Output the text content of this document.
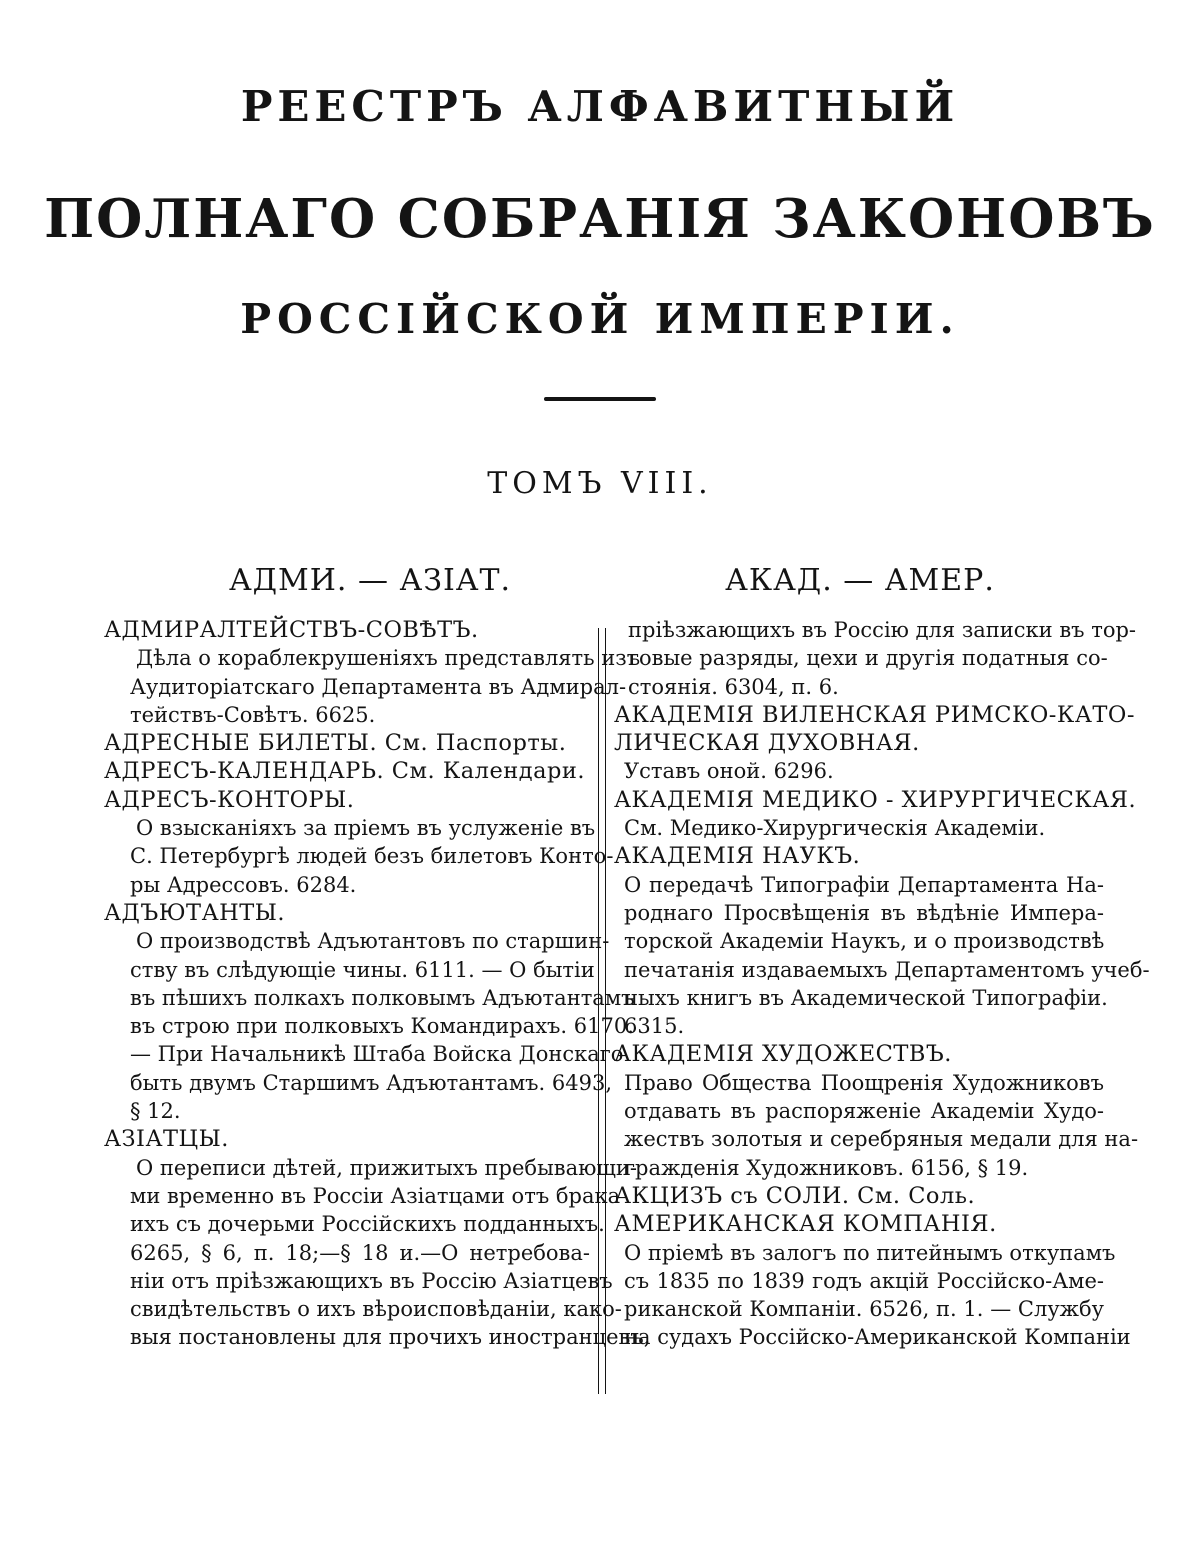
РЕЕСТРЪ АЛФАВИТНЫЙ
ПОЛНАГО СОБРАНІЯ ЗАКОНОВЪ
РОССІЙСКОЙ ИМПЕРІИ.
ТОМЪ VIII.
АДМИ. — АЗІАТ.	АКАД. — АМЕР.
АДМИРАЛТЕЙСТВЪ-СОВѢТЪ.
Дѣла о кораблекрушеніяхъ представлять изъ
Аудиторіатскаго Департамента въ Адмирал-
тействъ-Совѣтъ. 6625.
АДРЕСНЫЕ БИЛЕТЫ. См. Паспорты.
АДРЕСЪ-КАЛЕНДАРЬ. См. Календари.
АДРЕСЪ-КОНТОРЫ.
О взысканіяхъ за пріемъ въ услуженіе въ
С. Петербургѣ людей безъ билетовъ Конто-
ры Адрессовъ. 6284.
АДЪЮТАНТЫ.
О производствѣ Адъютантовъ по старшин-
ству въ слѣдующіе чины. 6111. — О бытіи
въ пѣшихъ полкахъ полковымъ Адъютантамъ
въ строю при полковыхъ Командирахъ. 6170.
— При Начальникѣ Штаба Войска Донскаго
быть двумъ Старшимъ Адъютантамъ. 6493,
§ 12.
АЗІАТЦЫ.
О переписи дѣтей, прижитыхъ пребывающи-
ми временно въ Россіи Азіатцами отъ брака
ихъ съ дочерьми Россійскихъ подданныхъ.
6265, § 6, п. 18;—§ 18 и.—О нетребова-
ніи отъ пріѣзжающихъ въ Россію Азіатцевъ
свидѣтельствъ о ихъ вѣроисповѣданіи, како-
выя постановлены для прочихъ иностранцевъ,
пріѣзжающихъ въ Россію для записки въ тор-
говые разряды, цехи и другія податныя со-
стоянія. 6304, п. 6.
АКАДЕМІЯ ВИЛЕНСКАЯ РИМСКО-КАТО-
ЛИЧЕСКАЯ ДУХОВНАЯ.
Уставъ оной. 6296.
АКАДЕМІЯ МЕДИКО - ХИРУРГИЧЕСКАЯ.
См. Медико-Хирургическія Академіи.
АКАДЕМІЯ НАУКЪ.
О передачѣ Типографіи Департамента На-
роднаго Просвѣщенія въ вѣдѣніе Импера-
торской Академіи Наукъ, и о производствѣ
печатанія издаваемыхъ Департаментомъ учеб-
ныхъ книгъ въ Академической Типографіи.
6315.
АКАДЕМІЯ ХУДОЖЕСТВЪ.
Право Общества Поощренія Художниковъ
отдавать въ распоряженіе Академіи Худо-
жествъ золотыя и серебряныя медали для на-
гражденія Художниковъ. 6156, § 19.
АКЦИЗЪ съ СОЛИ. См. Соль.
АМЕРИКАНСКАЯ КОМПАНІЯ.
О пріемѣ въ залогъ по питейнымъ откупамъ
съ 1835 по 1839 годъ акцій Россійско-Аме-
риканской Компаніи. 6526, п. 1. — Службу
на судахъ Россійско-Американской Компаніи
